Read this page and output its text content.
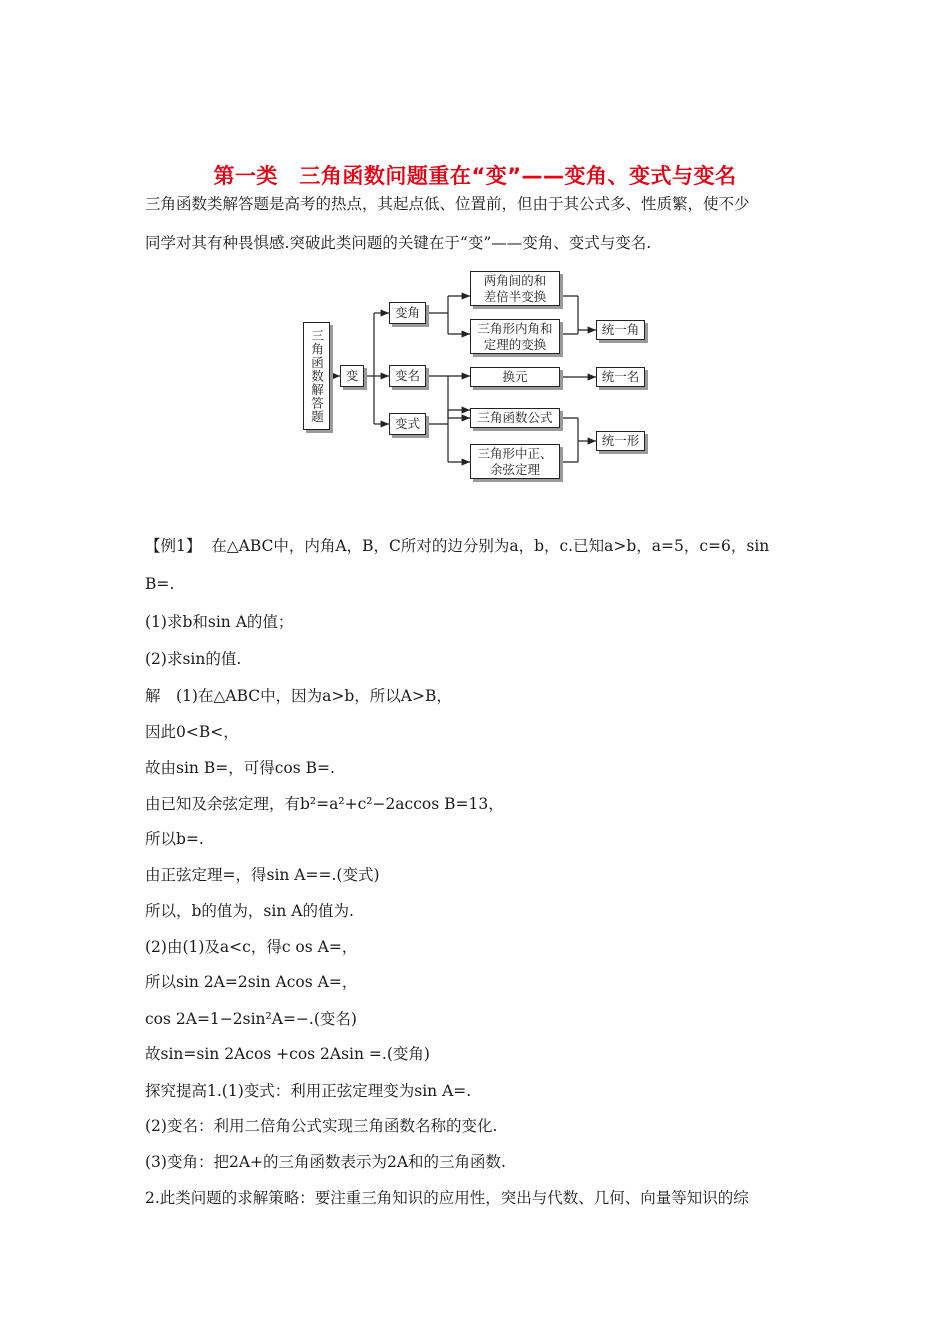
第一类　三角函数问题重在“变”——变角、变式与变名
三角函数类解答题是高考的热点，其起点低、位置前，但由于其公式多、性质繁，使不少
同学对其有种畏惧感.突破此类问题的关键在于“变”——变角、变式与变名.
三角函数解答题	变
变角
变名
变式
两角间的和
差倍半变换
三角形内角和
定理的变换
换元
三角函数公式
三角形中正、
余弦定理
统一角
统一名
统一形
【例1】 在△ABC中，内角A，B，C所对的边分别为a，b，c.已知a>b，a=5，c=6，sin
B=.
(1)求b和sin A的值；
(2)求sin的值.
解　(1)在△ABC中，因为a>b，所以A>B，
因此0<B<，
故由sin B=，可得cos B=.
由已知及余弦定理，有b²=a²+c²−2accos B=13，
所以b=.
由正弦定理=，得sin A==.(变式)
所以，b的值为，sin A的值为.
(2)由(1)及a<c，得c os A=，
所以sin 2A=2sin Acos A=，
cos 2A=1−2sin²A=−.(变名)
故sin=sin 2Acos +cos 2Asin =.(变角)
探究提高1.(1)变式：利用正弦定理变为sin A=.
(2)变名：利用二倍角公式实现三角函数名称的变化.
(3)变角：把2A+的三角函数表示为2A和的三角函数.
2.此类问题的求解策略：要注重三角知识的应用性，突出与代数、几何、向量等知识的综
